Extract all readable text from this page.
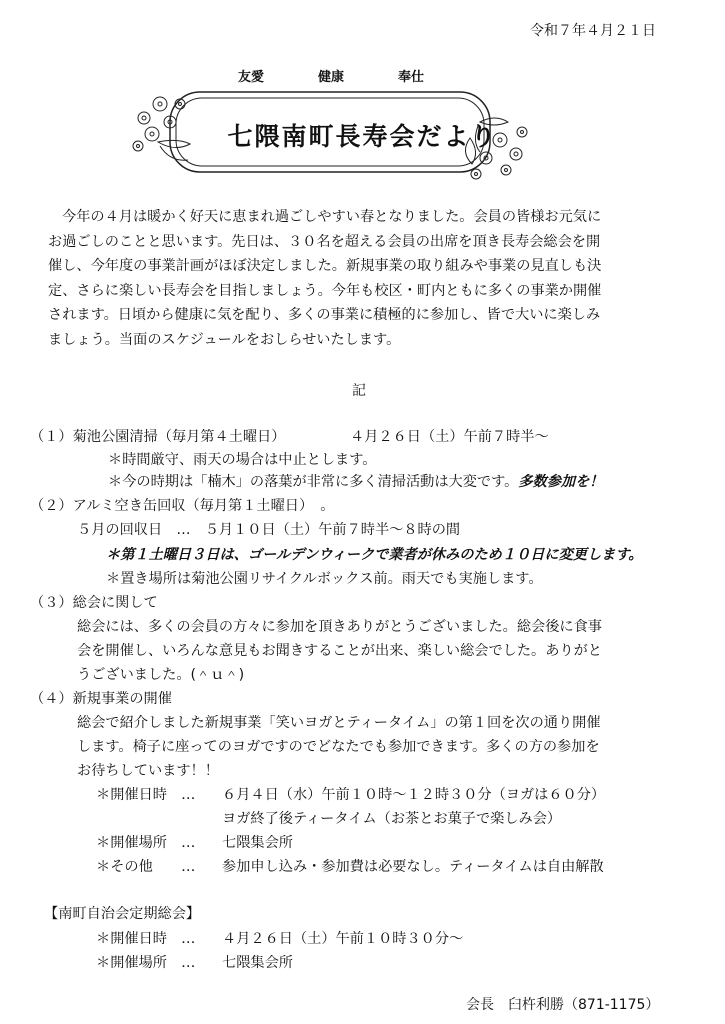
令和７年４月２１日
友愛	健康	奉仕
七隈南町長寿会だより
今年の４月は暖かく好天に恵まれ過ごしやすい春となりました。会員の皆様お元気に
お過ごしのことと思います。先日は、３０名を超える会員の出席を頂き長寿会総会を開
催し、今年度の事業計画がほぼ決定しました。新規事業の取り組みや事業の見直しも決
定、さらに楽しい長寿会を目指しましょう。今年も校区・町内ともに多くの事業か開催
されます。日頃から健康に気を配り、多くの事業に積極的に参加し、皆で大いに楽しみ
ましょう。当面のスケジュールをおしらせいたします。
記
（１）菊池公園清掃（毎月第４土曜日）	４月２６日（土）午前７時半～
＊時間厳守、雨天の場合は中止とします。
＊今の時期は「楠木」の落葉が非常に多く清掃活動は大変です。多数参加を！
（２）アルミ空き缶回収（毎月第１土曜日）　。
５月の回収日　…　５月１０日（土）午前７時半～８時の間
＊第１土曜日３日は、ゴールデンウィークで業者が休みのため１０日に変更します。
＊置き場所は菊池公園リサイクルボックス前。雨天でも実施します。
（３）総会に関して
総会には、多くの会員の方々に参加を頂きありがとうございました。総会後に食事
会を開催し、いろんな意見もお聞きすることが出来、楽しい総会でした。ありがと
うございました。(＾ｕ＾)
（４）新規事業の開催
総会で紹介しました新規事業「笑いヨガとティータイム」の第１回を次の通り開催
します。椅子に座ってのヨガですのでどなたでも参加できます。多くの方の参加を
お待ちしています！！
＊開催日時　… ６月４日（水）午前１０時～１２時３０分（ヨガは６０分）
ヨガ終了後ティータイム（お茶とお菓子で楽しみ会）
＊開催場所　… 七隈集会所
＊その他　　… 参加申し込み・参加費は必要なし。ティータイムは自由解散
【南町自治会定期総会】
＊開催日時　… ４月２６日（土）午前１０時３０分～
＊開催場所　… 七隈集会所
会長　臼杵利勝（871-1175）
